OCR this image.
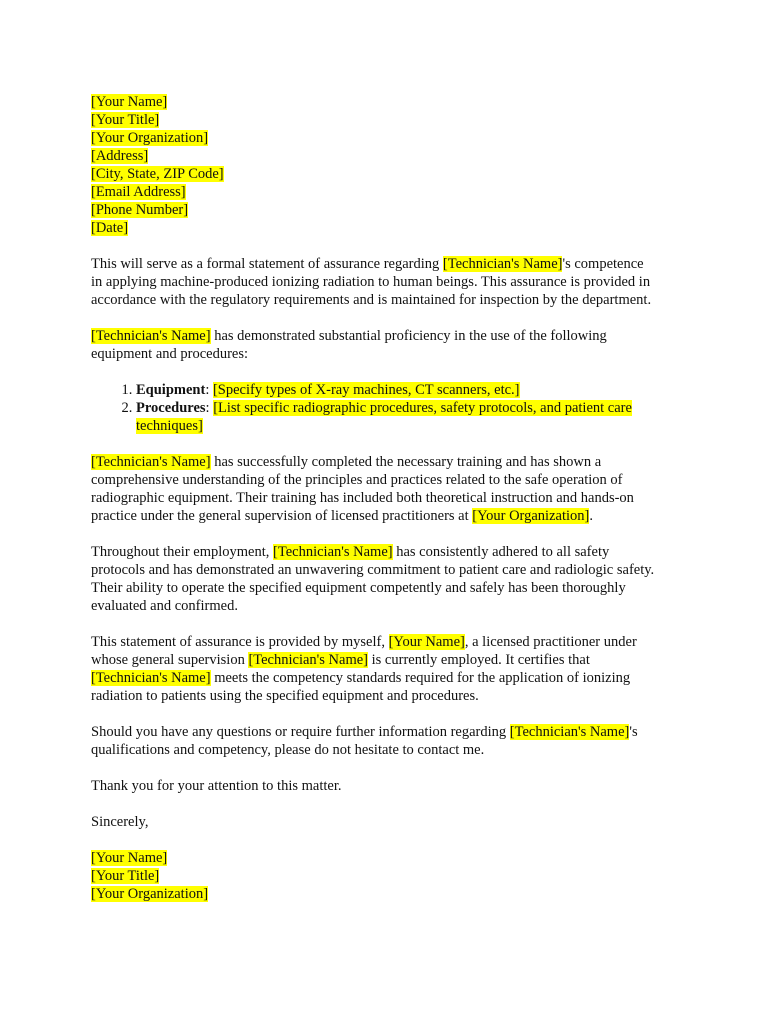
[Your Name]
[Your Title]
[Your Organization]
[Address]
[City, State, ZIP Code]
[Email Address]
[Phone Number]
[Date]
This will serve as a formal statement of assurance regarding [Technician's Name]'s competence
in applying machine-produced ionizing radiation to human beings. This assurance is provided in
accordance with the regulatory requirements and is maintained for inspection by the department.
[Technician's Name] has demonstrated substantial proficiency in the use of the following
equipment and procedures:
1. Equipment: [Specify types of X-ray machines, CT scanners, etc.]
2. Procedures: [List specific radiographic procedures, safety protocols, and patient care
techniques]
[Technician's Name] has successfully completed the necessary training and has shown a
comprehensive understanding of the principles and practices related to the safe operation of
radiographic equipment. Their training has included both theoretical instruction and hands-on
practice under the general supervision of licensed practitioners at [Your Organization].
Throughout their employment, [Technician's Name] has consistently adhered to all safety
protocols and has demonstrated an unwavering commitment to patient care and radiologic safety.
Their ability to operate the specified equipment competently and safely has been thoroughly
evaluated and confirmed.
This statement of assurance is provided by myself, [Your Name], a licensed practitioner under
whose general supervision [Technician's Name] is currently employed. It certifies that
[Technician's Name] meets the competency standards required for the application of ionizing
radiation to patients using the specified equipment and procedures.
Should you have any questions or require further information regarding [Technician's Name]'s
qualifications and competency, please do not hesitate to contact me.
Thank you for your attention to this matter.
Sincerely,
[Your Name]
[Your Title]
[Your Organization]
